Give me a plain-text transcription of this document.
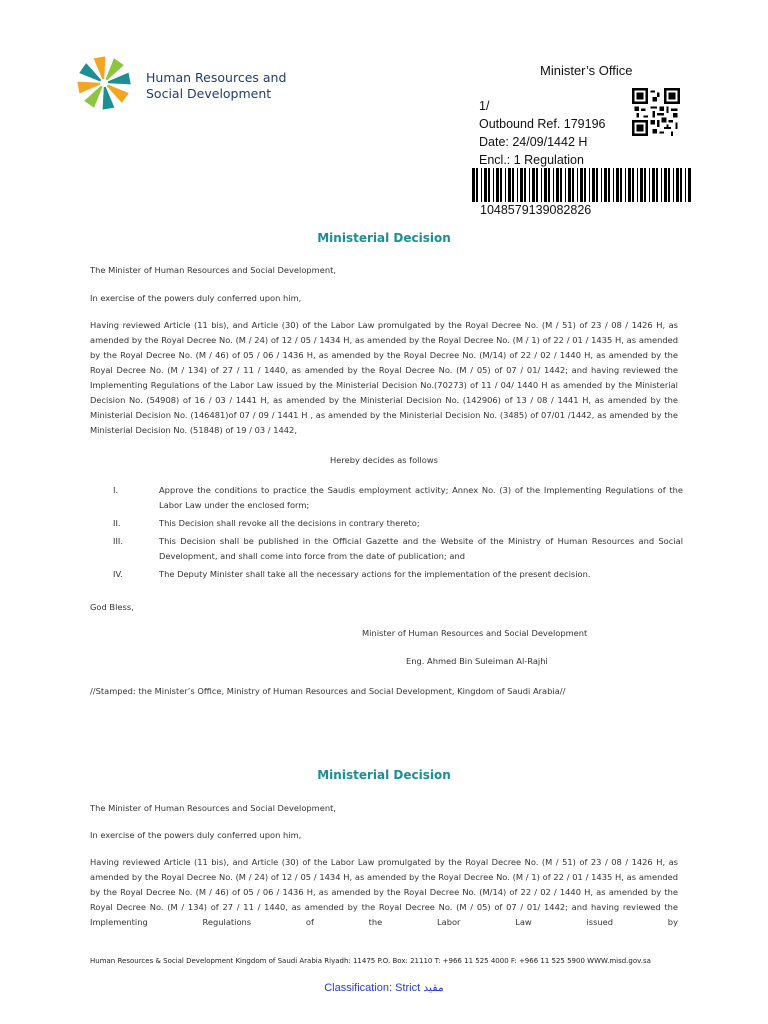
Human Resources and
Social Development
Minister’s Office
1/
Outbound Ref. 179196
Date: 24/09/1442 H
Encl.: 1 Regulation
1048579139082826
Ministerial Decision
The Minister of Human Resources and Social Development,
In exercise of the powers duly conferred upon him,
Having reviewed Article (11 bis), and Article (30) of the Labor Law promulgated by the Royal Decree No. (M / 51) of 23 / 08 / 1426 H, as amended by the Royal Decree No. (M / 24) of 12 / 05 / 1434 H, as amended by the Royal Decree No. (M / 1) of 22 / 01 / 1435 H, as amended by the Royal Decree No. (M / 46) of 05 / 06 / 1436 H, as amended by the Royal Decree No. (M/14) of 22 / 02 / 1440 H, as amended by the Royal Decree No. (M / 134) of 27 / 11 / 1440, as amended by the Royal Decree No. (M / 05) of 07 / 01/ 1442; and having reviewed the Implementing Regulations of the Labor Law issued by the Ministerial Decision No.(70273) of 11 / 04/ 1440 H as amended by the Ministerial Decision No. (54908) of 16 / 03 / 1441 H, as amended by the Ministerial Decision No. (142906) of 13 / 08 / 1441 H, as amended by the Ministerial Decision No. (146481)of 07 / 09 / 1441 H , as amended by the Ministerial Decision No. (3485) of 07/01 /1442, as amended by the Ministerial Decision No. (51848) of 19 / 03 / 1442,
Hereby decides as follows
I.	Approve the conditions to practice the Saudis employment activity; Annex No. (3) of the Implementing Regulations of the Labor Law under the enclosed form;
II.	This Decision shall revoke all the decisions in contrary thereto;
III.	This Decision shall be published in the Official Gazette and the Website of the Ministry of Human Resources and Social Development, and shall come into force from the date of publication; and
IV.	The Deputy Minister shall take all the necessary actions for the implementation of the present decision.
God Bless,
Minister of Human Resources and Social Development
Eng. Ahmed Bin Suleiman Al-Rajhi
//Stamped: the Minister’s Office, Ministry of Human Resources and Social Development, Kingdom of Saudi Arabia//
Ministerial Decision
The Minister of Human Resources and Social Development,
In exercise of the powers duly conferred upon him,
Having reviewed Article (11 bis), and Article (30) of the Labor Law promulgated by the Royal Decree No. (M / 51) of 23 / 08 / 1426 H, as amended by the Royal Decree No. (M / 24) of 12 / 05 / 1434 H, as amended by the Royal Decree No. (M / 1) of 22 / 01 / 1435 H, as amended by the Royal Decree No. (M / 46) of 05 / 06 / 1436 H, as amended by the Royal Decree No. (M/14) of 22 / 02 / 1440 H, as amended by the Royal Decree No. (M / 134) of 27 / 11 / 1440, as amended by the Royal Decree No. (M / 05) of 07 / 01/ 1442; and having reviewed the Implementing Regulations of the Labor Law issued by
Human Resources & Social Development Kingdom of Saudi Arabia Riyadh: 11475 P.O. Box: 21110 T: +966 11 525 4000 F: +966 11 525 5900 WWW.misd.gov.sa
Classification: Strict مقيد
